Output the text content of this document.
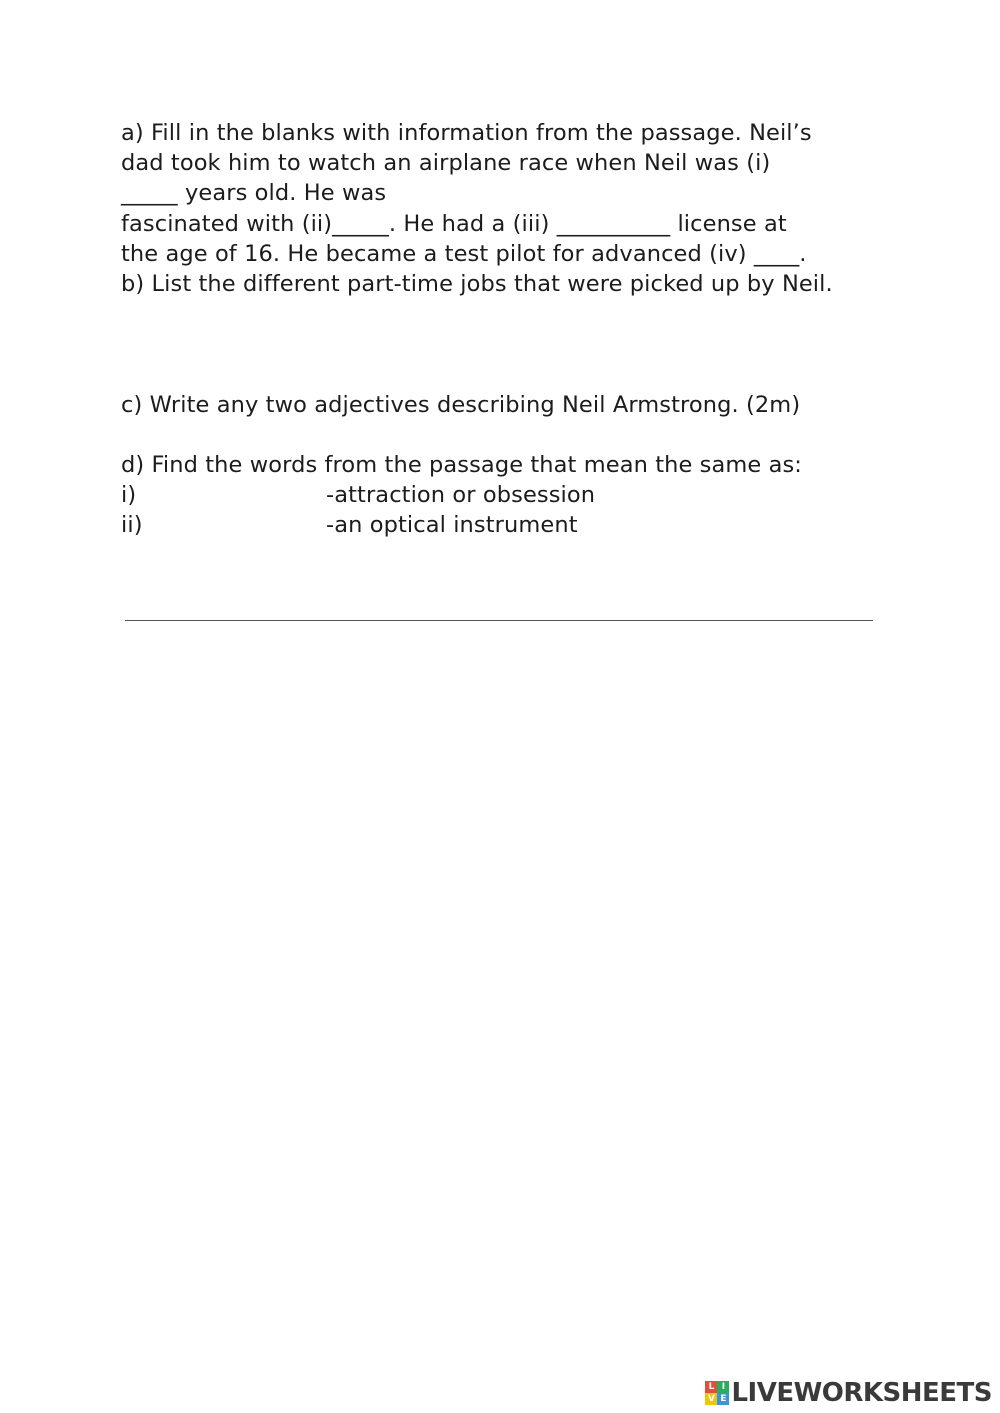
a) Fill in the blanks with information from the passage. Neil’s
dad took him to watch an airplane race when Neil was (i)
_____ years old. He was
fascinated with (ii)_____. He had a (iii) __________ license at
the age of 16. He became a test pilot for advanced (iv) ____.
b) List the different part-time jobs that were picked up by Neil.
c) Write any two adjectives describing Neil Armstrong. (2m)
d) Find the words from the passage that mean the same as:
i)	-attraction or obsession
ii)	-an optical instrument
L I
V E LIVEWORKSHEETS
